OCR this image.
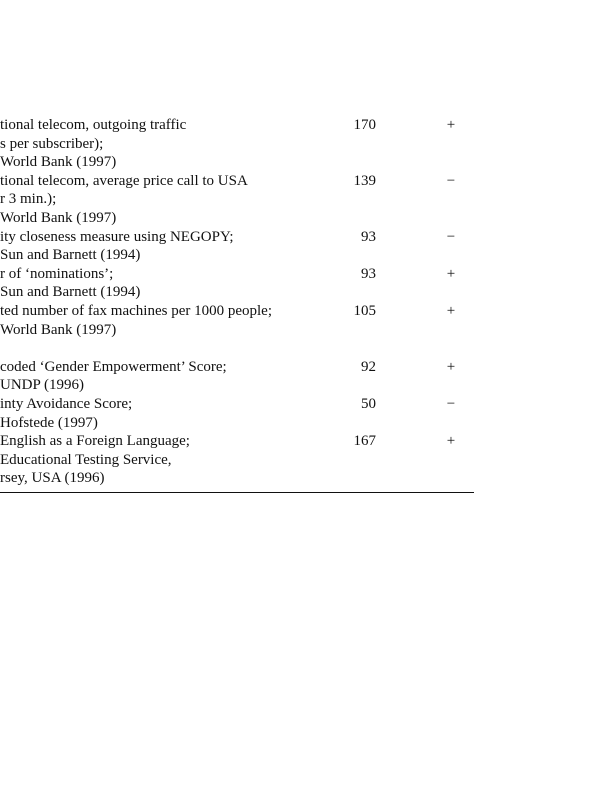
tional telecom, outgoing traffic	170	+
s per subscriber);
World Bank (1997)
tional telecom, average price call to USA	139	−
r 3 min.);
World Bank (1997)
ity closeness measure using NEGOPY;	93	−
Sun and Barnett (1994)
r of ‘nominations’;	93	+
Sun and Barnett (1994)
ted number of fax machines per 1000 people;	105	+
World Bank (1997)
coded ‘Gender Empowerment’ Score;	92	+
UNDP (1996)
inty Avoidance Score;	50	−
Hofstede (1997)
English as a Foreign Language;	167	+
Educational Testing Service,
rsey, USA (1996)
